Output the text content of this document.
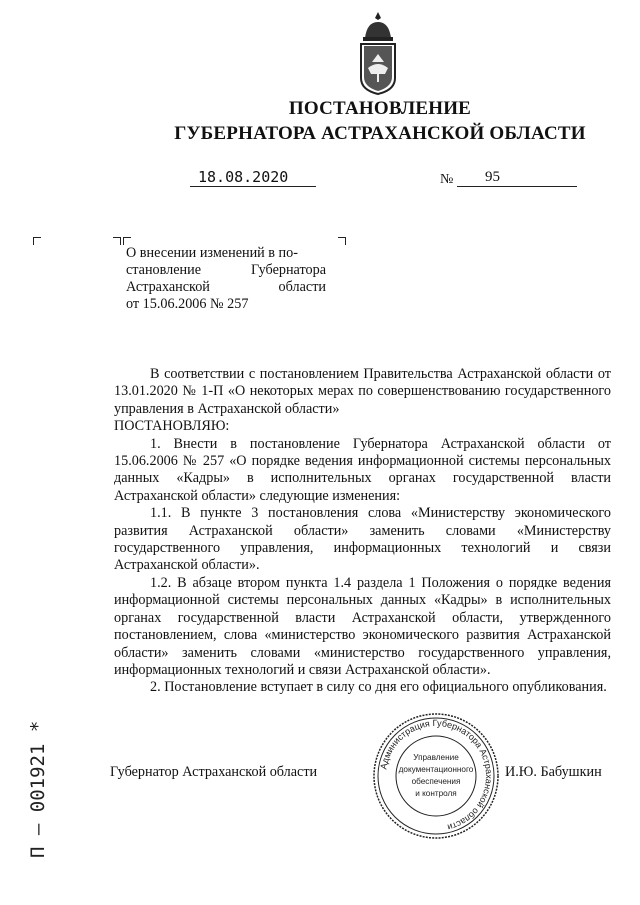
ПОСТАНОВЛЕНИЕ
ГУБЕРНАТОРА АСТРАХАНСКОЙ ОБЛАСТИ
18.08.2020	№	95
О внесении изменений в по-
становление Губернатора
Астраханской области
от 15.06.2006 № 257

В соответствии с постановлением Правительства Астраханской области от 13.01.2020 № 1-П «О некоторых мерах по совершенствованию государственного управления в Астраханской области»

ПОСТАНОВЛЯЮ:

1. Внести в постановление Губернатора Астраханской области от 15.06.2006 № 257 «О порядке ведения информационной системы персональных данных «Кадры» в исполнительных органах государственной власти Астраханской области» следующие изменения:

1.1. В пункте 3 постановления слова «Министерству экономического развития Астраханской области» заменить словами «Министерству государственного управления, информационных технологий и связи Астраханской области».

1.2. В абзаце втором пункта 1.4 раздела 1 Положения о порядке ведения информационной системы персональных данных «Кадры» в исполнительных органах государственной власти Астраханской области, утвержденного постановлением, слова «министерство экономического развития Астраханской области» заменить словами «министерство государственного управления, информационных технологий и связи Астраханской области».

2. Постановление вступает в силу со дня его официального опубликования.

Губернатор Астраханской области	И.Ю. Бабушкин
Администрация Губернатора Астраханской области
Управление
документационного
обеспечения
и контроля
П – 001921 *
